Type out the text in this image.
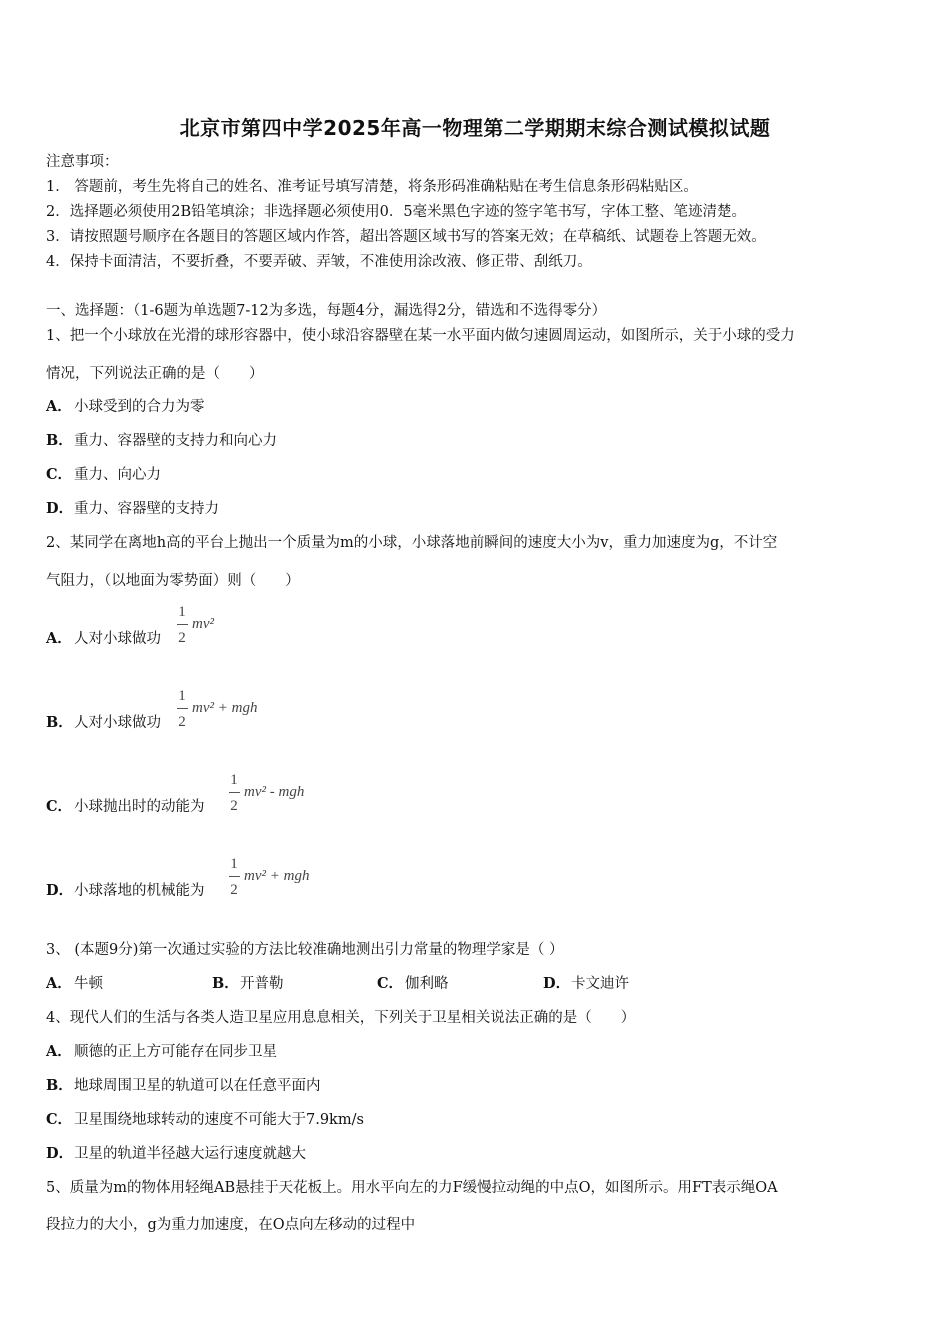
北京市第四中学2025年高一物理第二学期期末综合测试模拟试题
注意事项：
1． 答题前，考生先将自己的姓名、准考证号填写清楚，将条形码准确粘贴在考生信息条形码粘贴区。
2．选择题必须使用2B铅笔填涂；非选择题必须使用0．5毫米黑色字迹的签字笔书写，字体工整、笔迹清楚。
3．请按照题号顺序在各题目的答题区域内作答，超出答题区域书写的答案无效；在草稿纸、试题卷上答题无效。
4．保持卡面清洁，不要折叠，不要弄破、弄皱，不准使用涂改液、修正带、刮纸刀。
一、选择题：（1-6题为单选题7-12为多选，每题4分，漏选得2分，错选和不选得零分）
1、把一个小球放在光滑的球形容器中，使小球沿容器壁在某一水平面内做匀速圆周运动，如图所示，关于小球的受力
情况，下列说法正确的是（　　）
A． 小球受到的合力为零
B．重力、容器壁的支持力和向心力
C． 重力、向心力
D．重力、容器壁的支持力
2、某同学在离地h高的平台上抛出一个质量为m的小球，小球落地前瞬间的速度大小为v，重力加速度为g，不计空
气阻力，（以地面为零势面）则（　　）
A． 人对小球做功
1
2
mv²
B．人对小球做功
1
2
mv² + mgh
C． 小球抛出时的动能为
1
2
mv² - mgh
D．小球落地的机械能为
1
2
mv² + mgh
3、 (本题9分)第一次通过实验的方法比较准确地测出引力常量的物理学家是（ ）
A． 牛顿	B．开普勒	C． 伽利略	D．卡文迪许
4、现代人们的生活与各类人造卫星应用息息相关，下列关于卫星相关说法正确的是（　　）
A． 顺德的正上方可能存在同步卫星
B．地球周围卫星的轨道可以在任意平面内
C． 卫星围绕地球转动的速度不可能大于7.9km/s
D．卫星的轨道半径越大运行速度就越大
5、质量为m的物体用轻绳AB悬挂于天花板上。用水平向左的力F缓慢拉动绳的中点O，如图所示。用FT表示绳OA
段拉力的大小，g为重力加速度，在O点向左移动的过程中
